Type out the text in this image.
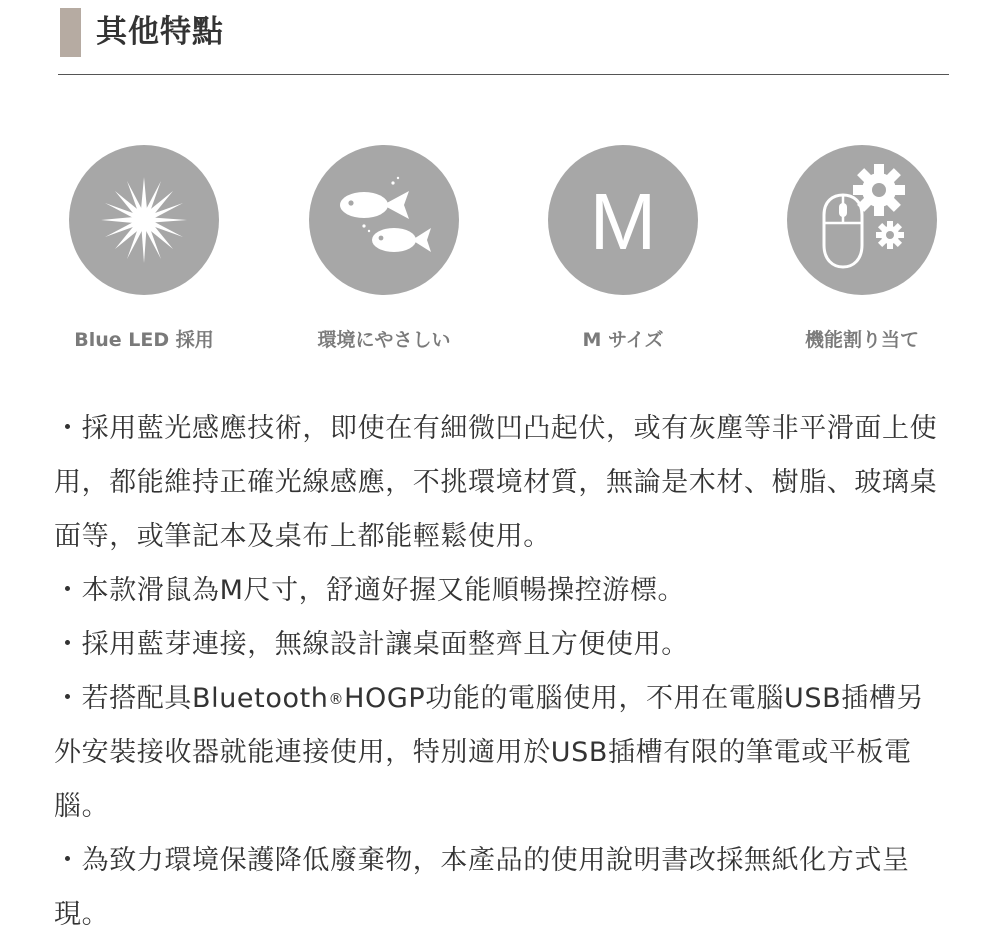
其他特點
Blue LED 採用	環境にやさしい
M
M サイズ	機能割り当て

・採用藍光感應技術，即使在有細微凹凸起伏，或有灰塵等非平滑面上使用，都能維持正確光線感應，不挑環境材質，無論是木材、樹脂、玻璃桌面等，或筆記本及桌布上都能輕鬆使用。

・本款滑鼠為M尺寸，舒適好握又能順暢操控游標。

・採用藍芽連接，無線設計讓桌面整齊且方便使用。

・若搭配具Bluetooth®HOGP功能的電腦使用，不用在電腦USB插槽另外安裝接收器就能連接使用，特別適用於USB插槽有限的筆電或平板電腦。

・為致力環境保護降低廢棄物，本產品的使用說明書改採無紙化方式呈現。
